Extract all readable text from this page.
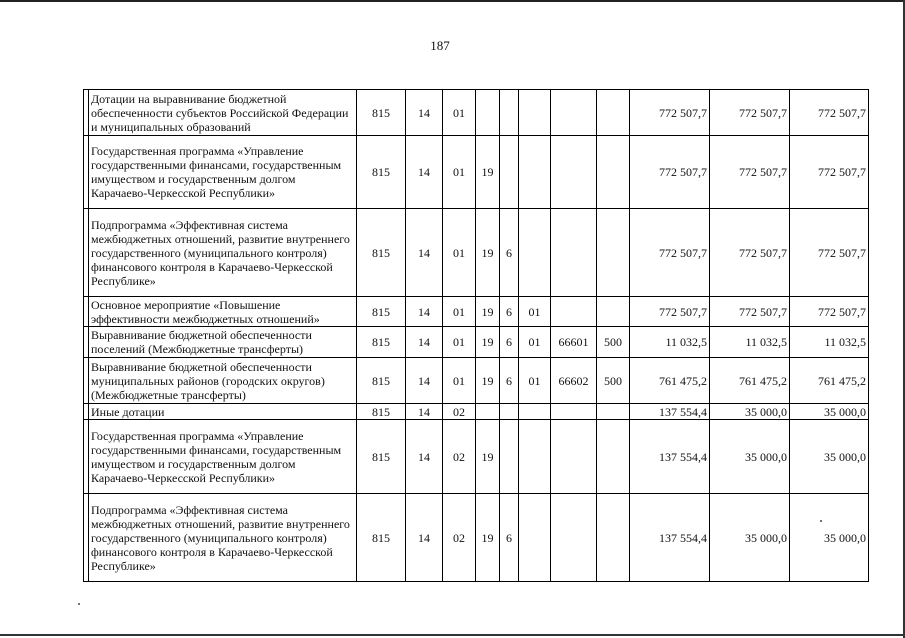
187
	Дотации на выравнивание бюджетной обеспеченности субъектов Российской Федерации и муниципальных образований	815	14	01						772 507,7	772 507,7	772 507,7
	Государственная программа «Управление государственными финансами, государственным имуществом и государственным долгом Карачаево-Черкесской Республики»	815	14	01	19					772 507,7	772 507,7	772 507,7
	Подпрограмма «Эффективная система межбюджетных отношений, развитие внутреннего государственного (муниципального контроля) финансового контроля в Карачаево-Черкесской Республике»	815	14	01	19	6				772 507,7	772 507,7	772 507,7
	Основное мероприятие «Повышение эффективности межбюджетных отношений»	815	14	01	19	6	01			772 507,7	772 507,7	772 507,7
	Выравнивание бюджетной обеспеченности поселений (Межбюджетные трансферты)	815	14	01	19	6	01	66601	500	11 032,5	11 032,5	11 032,5
	Выравнивание бюджетной обеспеченности муниципальных районов (городских округов) (Межбюджетные трансферты)	815	14	01	19	6	01	66602	500	761 475,2	761 475,2	761 475,2
	Иные дотации	815	14	02						137 554,4	35 000,0	35 000,0
	Государственная программа «Управление государственными финансами, государственным имуществом и государственным долгом Карачаево-Черкесской Республики»	815	14	02	19					137 554,4	35 000,0	35 000,0
	Подпрограмма «Эффективная система межбюджетных отношений, развитие внутреннего государственного (муниципального контроля) финансового контроля в Карачаево-Черкесской Республике»	815	14	02	19	6				137 554,4	35 000,0	35 000,0
